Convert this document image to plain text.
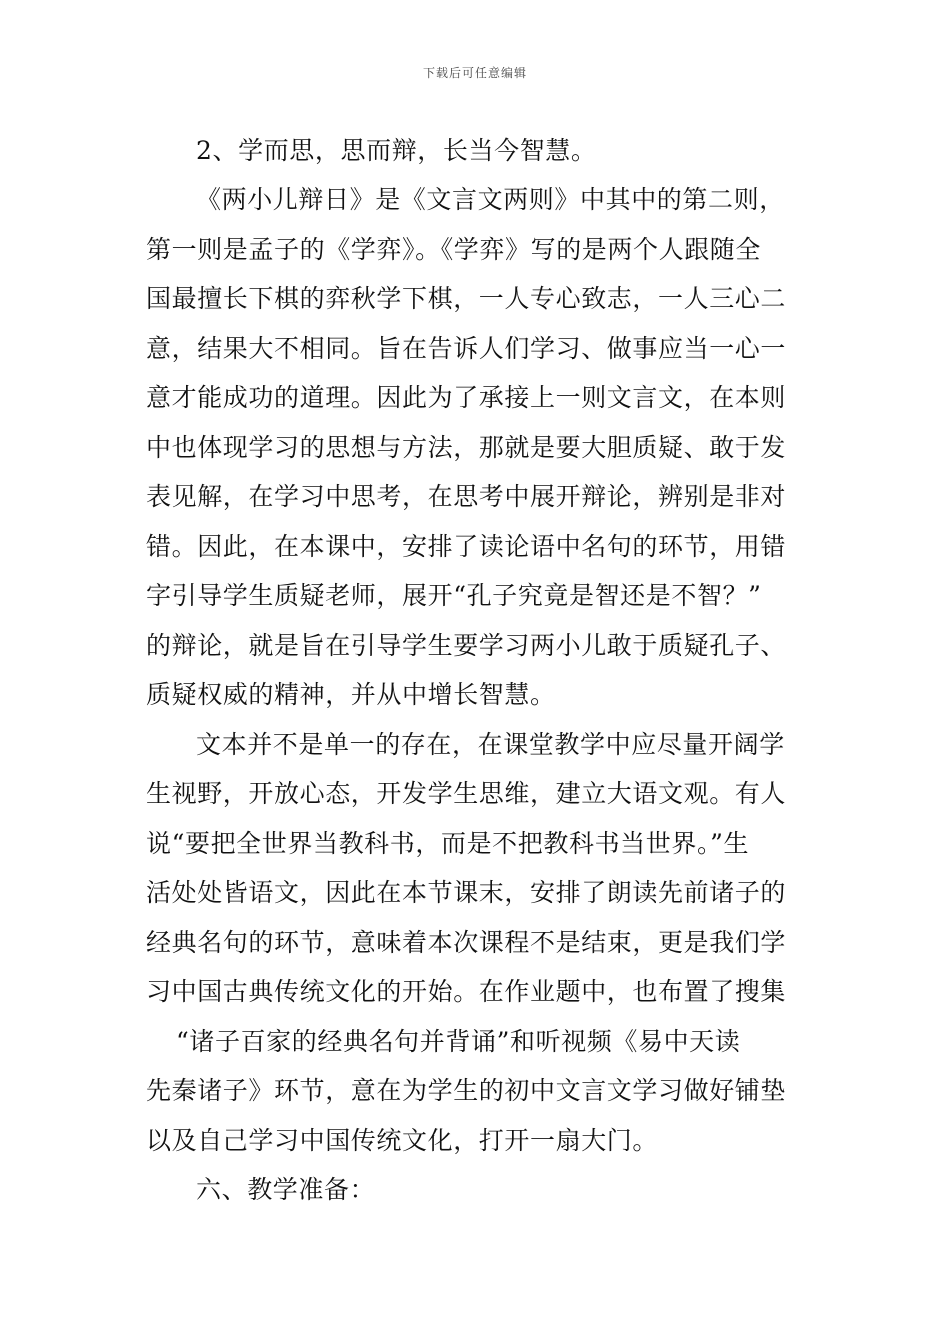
下载后可任意编辑
2、学而思，思而辩，长当今智慧。
《两小儿辩日》是《文言文两则》中其中的第二则，
第一则是孟子的《学弈》。《学弈》写的是两个人跟随全
国最擅长下棋的弈秋学下棋，一人专心致志，一人三心二
意，结果大不相同。旨在告诉人们学习、做事应当一心一
意才能成功的道理。因此为了承接上一则文言文，在本则
中也体现学习的思想与方法，那就是要大胆质疑、敢于发
表见解，在学习中思考，在思考中展开辩论，辨别是非对
错。因此，在本课中，安排了读论语中名句的环节，用错
字引导学生质疑老师，展开“孔子究竟是智还是不智？”
的辩论，就是旨在引导学生要学习两小儿敢于质疑孔子、
质疑权威的精神，并从中增长智慧。
文本并不是单一的存在，在课堂教学中应尽量开阔学
生视野，开放心态，开发学生思维，建立大语文观。有人
说“要把全世界当教科书，而是不把教科书当世界。”生
活处处皆语文，因此在本节课末，安排了朗读先前诸子的
经典名句的环节，意味着本次课程不是结束，更是我们学
习中国古典传统文化的开始。在作业题中，也布置了搜集
“诸子百家的经典名句并背诵”和听视频《易中天读
先秦诸子》环节，意在为学生的初中文言文学习做好铺垫
以及自己学习中国传统文化，打开一扇大门。
六、教学准备：
